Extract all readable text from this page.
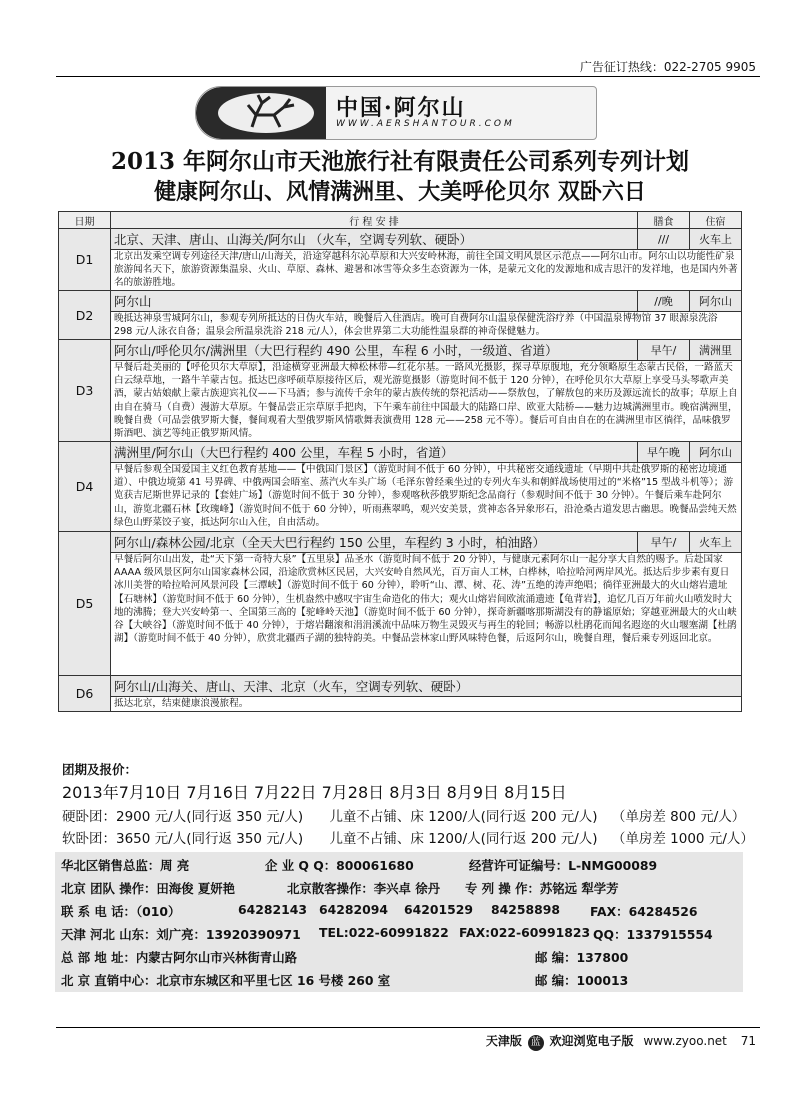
广告征订热线：022-2705 9905
中国·阿尔山
WWW.AERSHANTOUR.COM
2013 年阿尔山市天池旅行社有限责任公司系列专列计划
健康阿尔山、风情满洲里、大美呼伦贝尔 双卧六日
日期	行 程 安 排	膳食	住宿
D1	北京、天津、唐山、山海关/阿尔山 （火车，空调专列软、硬卧）	///	火车上
	北京出发乘空调专列途径天津/唐山/山海关，沿途穿越科尔沁草原和大兴安岭林海，前往全国文明风景区示范点——阿尔山市。阿尔山以功能性矿泉旅游闻名天下，旅游资源集温泉、火山、草原、森林、避暑和冰雪等众多生态资源为一体，是蒙元文化的发源地和成吉思汗的发祥地，也是国内外著名的旅游胜地。		
D2	阿尔山	//晚	阿尔山
	晚抵达神泉雪城阿尔山，参观专列所抵达的日伪火车站，晚餐后入住酒店。晚可自费阿尔山温泉保健洗浴疗养（中国温泉博物馆 37 眼源泉洗浴 298 元/人泳衣自备；温泉会所温泉洗浴 218 元/人），体会世界第二大功能性温泉群的神奇保健魅力。		
D3	阿尔山/呼伦贝尔/满洲里（大巴行程约 490 公里，车程 6 小时，一级道、省道）	早午/	满洲里
	早餐后赴美丽的【呼伦贝尔大草原】，沿途横穿亚洲最大樟松林带—红花尔基。一路风光摄影，探寻草原腹地，充分领略原生态蒙古民俗，一路蓝天白云绿草地，一路牛羊蒙古包。抵达巴彦呼硕草原接待区后，观光游览摄影（游览时间不低于 120 分钟），在呼伦贝尔大草原上享受马头琴歌声美酒，蒙古姑娘献上蒙古族迎宾礼仪——下马酒；参与流传千余年的蒙古族传统的祭祀活动——祭敖包，了解敖包的来历及源远流长的故事；草原上自由自在骑马（自费）漫游大草原。午餐品尝正宗草原手把肉，下午乘车前往中国最大的陆路口岸、欧亚大陆桥——魅力边城满洲里市。晚宿满洲里，晚餐自费（可品尝俄罗斯大餐，餐间观看大型俄罗斯风情歌舞表演费用 128 元——258 元不等）。餐后可自由自在的在满洲里市区徜徉，品味俄罗斯酒吧、演艺等纯正俄罗斯风情。		
D4	满洲里/阿尔山（大巴行程约 400 公里，车程 5 小时，省道）	早午晚	阿尔山
	早餐后参观全国爱国主义红色教育基地——【中俄国门景区】（游览时间不低于 60 分钟），中共秘密交通线遗址（早期中共赴俄罗斯的秘密边境通道）、中俄边境第 41 号界碑、中俄两国会晤室、蒸汽火车头广场（毛泽东曾经乘坐过的专列火车头和朝鲜战场使用过的“米格”15 型战斗机等）；游览获吉尼斯世界记录的【套娃广场】（游览时间不低于 30 分钟），参观喀秋莎俄罗斯纪念品商行（参观时间不低于 30 分钟）。午餐后乘车赴阿尔山，游览北疆石林【玫瑰峰】（游览时间不低于 60 分钟），听雨燕翠鸣，观兴安美景，赏神态各异象形石，沿沧桑古道发思古幽思。晚餐品尝纯天然绿色山野菜饺子宴，抵达阿尔山入住，自由活动。		
D5	阿尔山/森林公园/北京（全天大巴行程约 150 公里，车程约 3 小时，柏油路）	早午/	火车上
	早餐后阿尔山出发，赴“天下第一奇特大泉”【五里泉】品圣水（游览时间不低于 20 分钟），与健康元素阿尔山一起分享大自然的赐予。后赴国家 AAAA 级风景区阿尔山国家森林公园，沿途欣赏林区民居，大兴安岭自然风光，百万亩人工林，白桦林，哈拉哈河两岸风光。抵达后步步素有夏日冰川美誉的哈拉哈河风景河段【三潭峡】（游览时间不低于 60 分钟），聆听“山、潭、树、花、涛”五绝的涛声绝唱；徜徉亚洲最大的火山熔岩遗址【石塘林】（游览时间不低于 60 分钟），生机盎然中感叹宇宙生命造化的伟大；观火山熔岩间欧流涌遗迹【龟背岩】，追忆几百万年前火山喷发时大地的沸腾；登大兴安岭第一、全国第三高的【驼峰岭天池】（游览时间不低于 60 分钟），探奇新疆喀那斯湖没有的静谧原始；穿越亚洲最大的火山峡谷【大峡谷】（游览时间不低于 40 分钟），于熔岩翻滚和涓涓溪流中品味万物生灵毁灭与再生的轮回；畅游以杜鹃花而闻名遐迩的火山堰塞湖【杜鹃湖】（游览时间不低于 40 分钟），欣赏北疆西子湖的独特韵美。中餐品尝林家山野风味特色餐，后返阿尔山，晚餐自理，餐后乘专列返回北京。		
D6	阿尔山/山海关、唐山、天津、北京（火车，空调专列软、硬卧）		
	抵达北京，结束健康浪漫旅程。		
团期及报价：
2013年7月10日 7月16日 7月22日 7月28日 8月3日 8月9日 8月15日
硬卧团：2900 元/人(同行返 350 元/人) 儿童不占铺、床 1200/人(同行返 200 元/人) （单房差 800 元/人）
软卧团：3650 元/人(同行返 350 元/人) 儿童不占铺、床 1200/人(同行返 200 元/人) （单房差 1000 元/人）
华北区销售总监：周 亮	企 业 Q Q：800061680	经营许可证编号：L-NMG00089
北京 团队 操作：田海俊 夏妍艳	北京散客操作：李兴卓 徐丹 专 列 操 作：苏铭远 犁学芳
联 系 电 话：（010）	64282143 64282094 64201529 84258898 FAX：64284526
天津 河北 山东：刘广亮：13920390971 TEL:022-60991822 FAX:022-60991823 QQ：1337915554
总 部 地 址：内蒙古阿尔山市兴林街青山路	邮 编：137800
北 京 直销中心：北京市东城区和平里七区 16 号楼 260 室	邮 编：100013
天津版 蓝 欢迎浏览电子版 www.zyoo.net 71
